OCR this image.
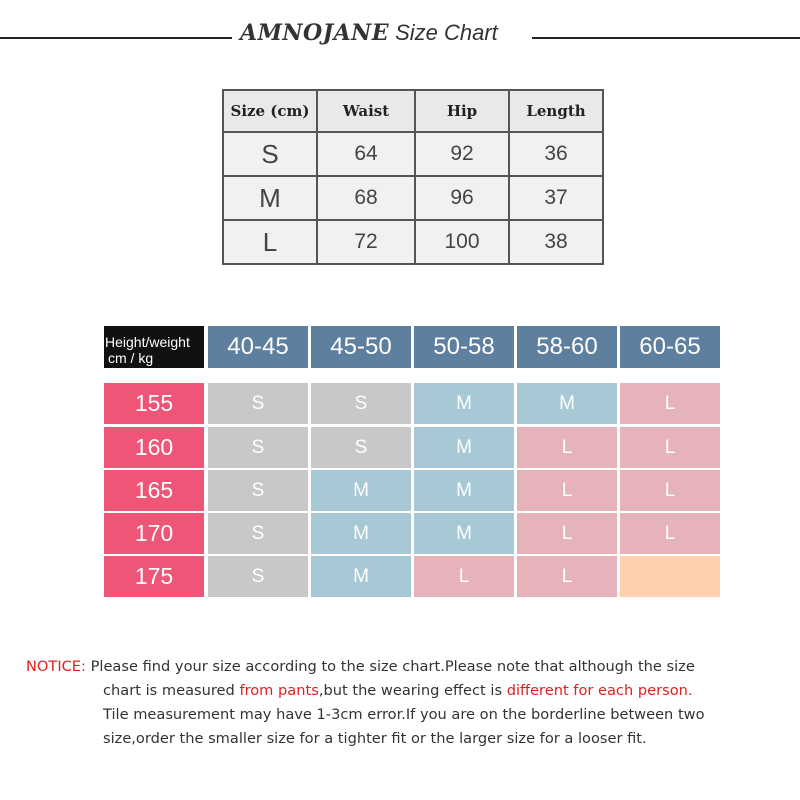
AMNOJANE Size Chart
Size (cm)	Waist	Hip	Length
S	64	92	36
M	68	96	37
L	72	100	38
Height/weight
cm / kg	40-45	45-50	50-58	58-60	60-65
155	S	S	M	M	L
160	S	S	M	L	L
165	S	M	M	L	L
170	S	M	M	L	L
175	S	M	L	L
NOTICE: Please find your size according to the size chart.Please note that although the size
chart is measured from pants,but the wearing effect is different for each person.
Tile measurement may have 1-3cm error.If you are on the borderline between two
size,order the smaller size for a tighter fit or the larger size for a looser fit.
